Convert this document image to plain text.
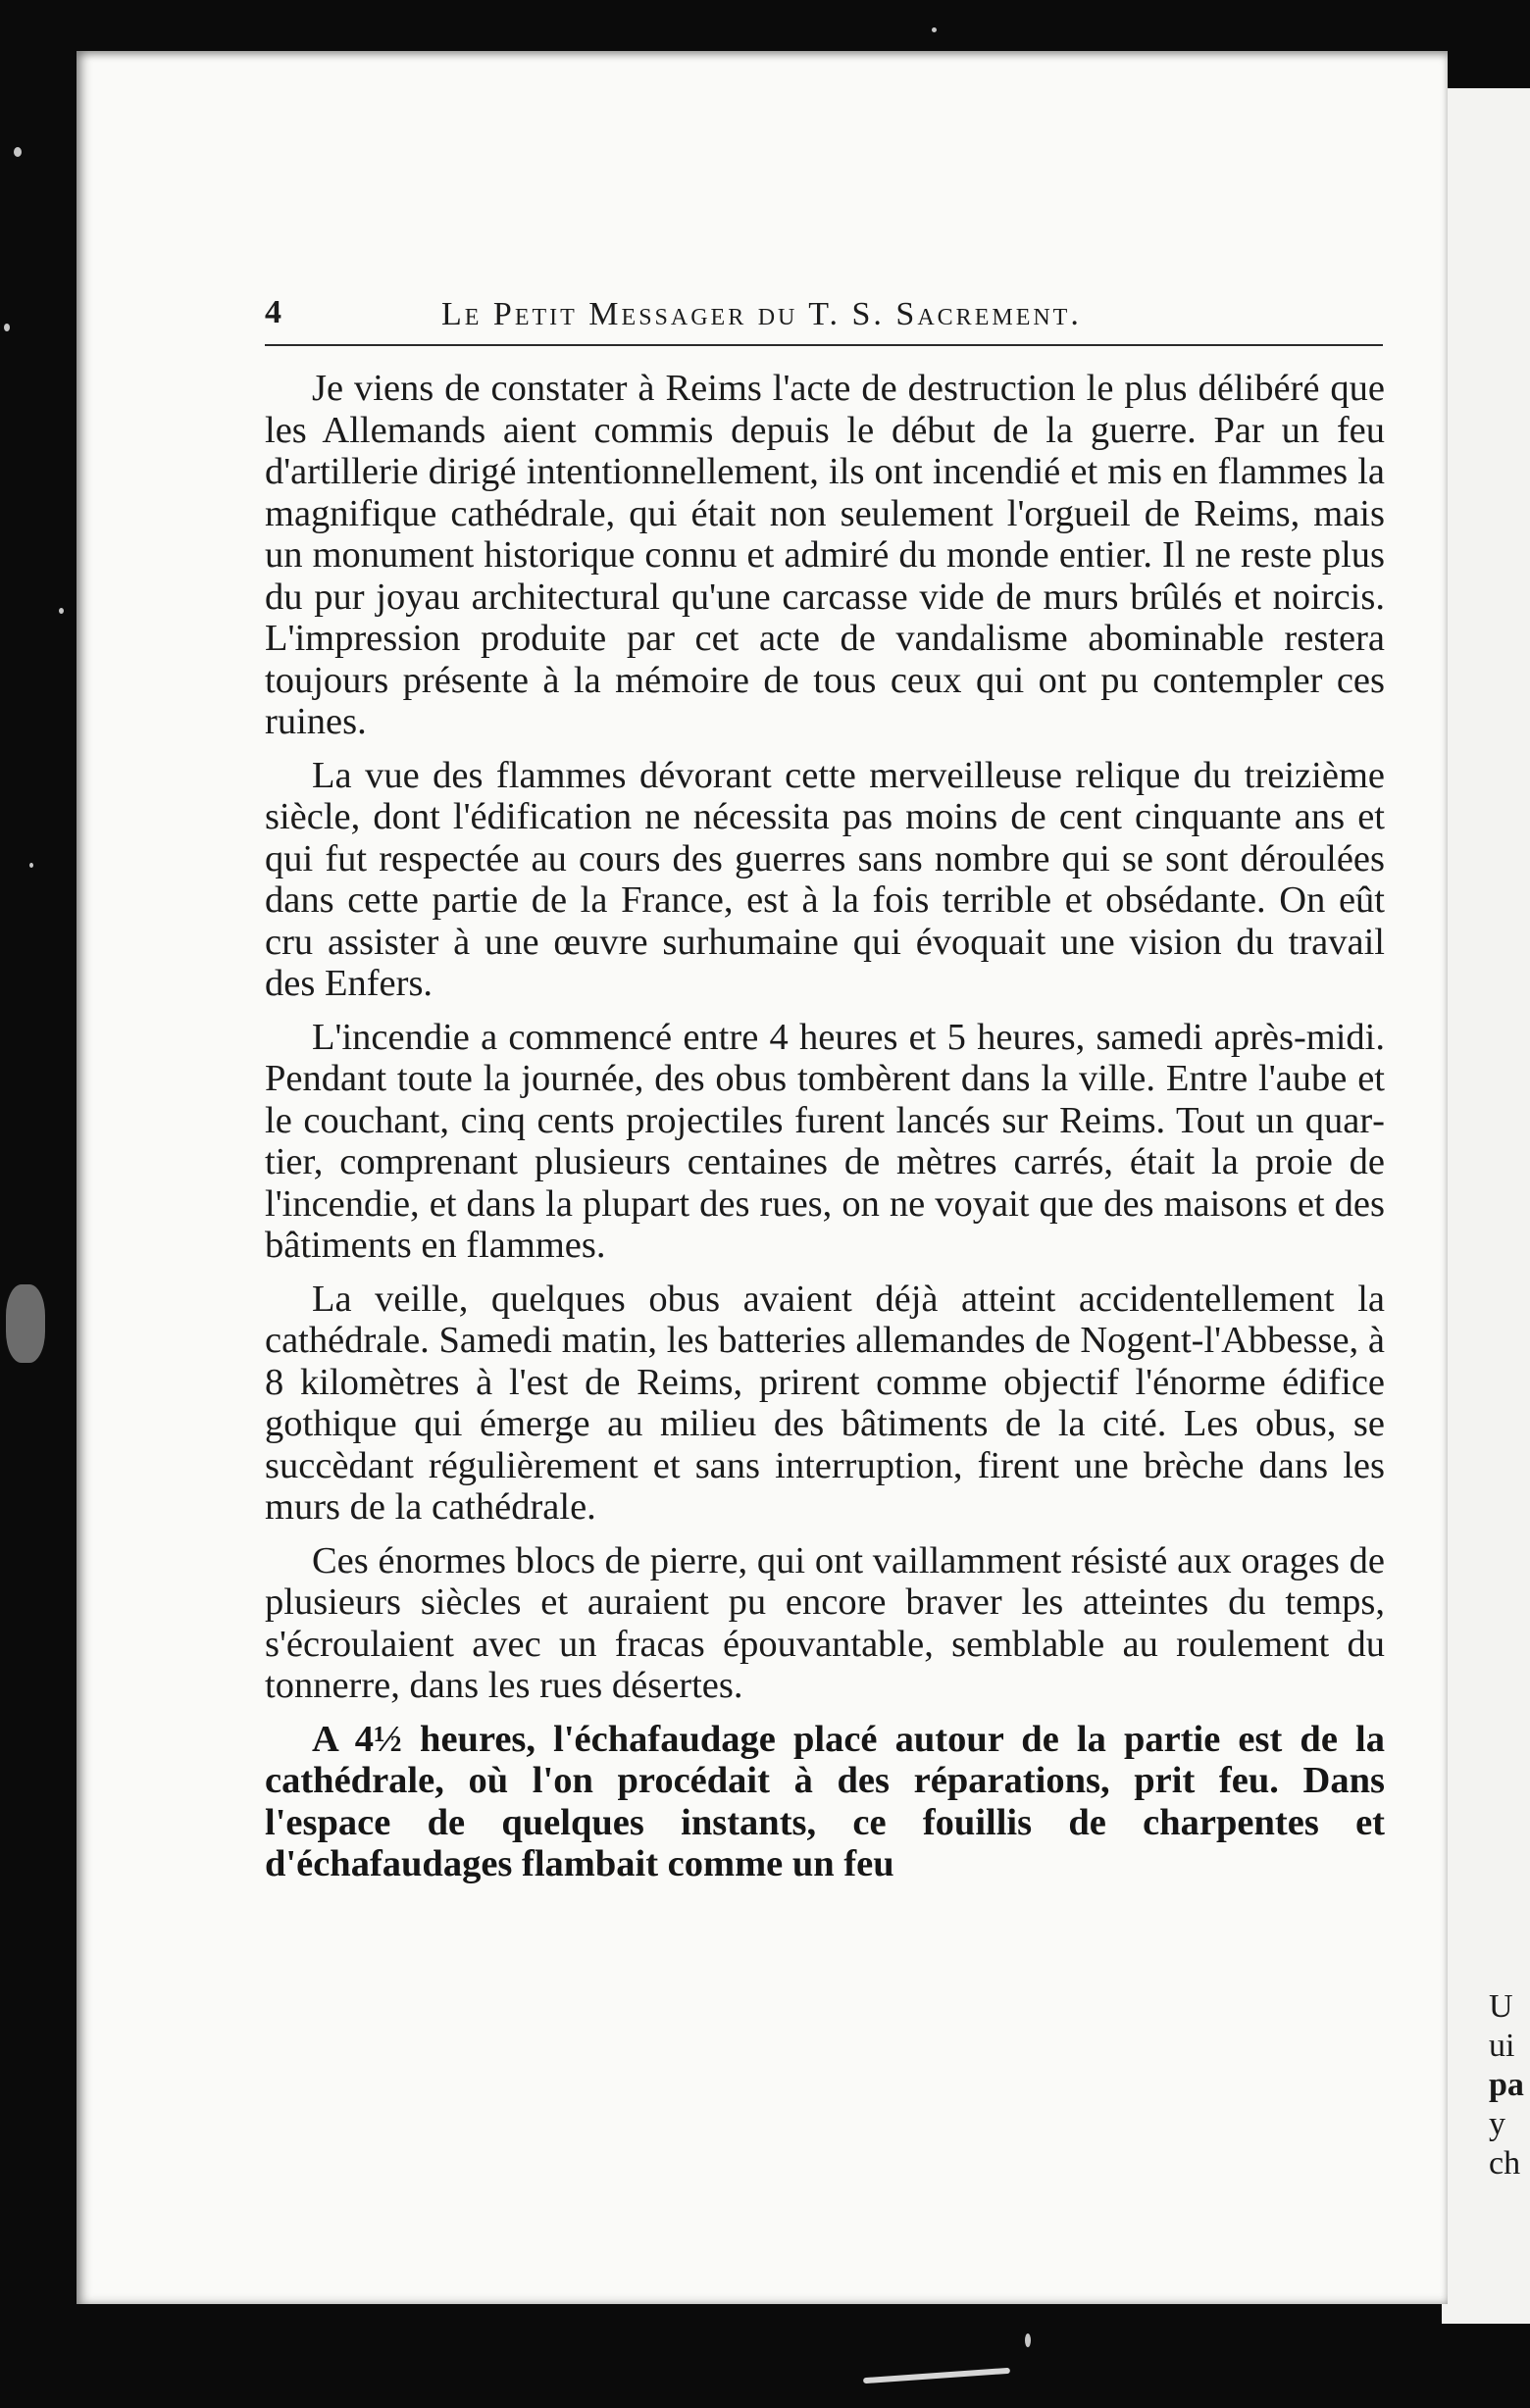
U
ui
pa
y
ch
4	Le Petit Messager du T. S. Sacrement.

Je viens de constater à Reims l'acte de destruction le plus délibéré que les Allemands aient commis depuis le début de la guerre. Par un feu d'artillerie dirigé intentionnellement, ils ont incendié et mis en flammes la magnifique cathédrale, qui était non seulement l'orgueil de Reims, mais un monument historique connu et admiré du monde entier. Il ne reste plus du pur joyau architectural qu'une carcasse vide de murs brûlés et noircis. L'impression produite par cet acte de vandalisme abominable restera toujours présente à la mémoire de tous ceux qui ont pu contempler ces ruines.

La vue des flammes dévorant cette merveilleuse relique du treizième siècle, dont l'édification ne nécessita pas moins de cent cinquante ans et qui fut respectée au cours des guerres sans nombre qui se sont déroulées dans cette partie de la France, est à la fois terrible et obsédante. On eût cru assister à une œuvre surhumaine qui évoquait une vision du travail des Enfers.

L'incendie a commencé entre 4 heures et 5 heures, samedi après-midi. Pendant toute la journée, des obus tombèrent dans la ville. Entre l'aube et le couchant, cinq cents projectiles furent lancés sur Reims. Tout un quartier, comprenant plusieurs centaines de mètres carrés, était la proie de l'incendie, et dans la plupart des rues, on ne voyait que des maisons et des bâtiments en flammes.

La veille, quelques obus avaient déjà atteint accidentellement la cathédrale. Samedi matin, les batteries allemandes de Nogent-l'Abbesse, à 8 kilomètres à l'est de Reims, prirent comme objectif l'énorme édifice gothique qui émerge au milieu des bâtiments de la cité. Les obus, se succèdant régulièrement et sans interruption, firent une brèche dans les murs de la cathédrale.

Ces énormes blocs de pierre, qui ont vaillamment résisté aux orages de plusieurs siècles et auraient pu encore braver les atteintes du temps, s'écroulaient avec un fracas épouvantable, semblable au roulement du tonnerre, dans les rues désertes.

A 4½ heures, l'échafaudage placé autour de la partie est de la cathédrale, où l'on procédait à des réparations, prit feu. Dans l'espace de quelques instants, ce fouillis de charpentes et d'échafaudages flambait comme un feu
